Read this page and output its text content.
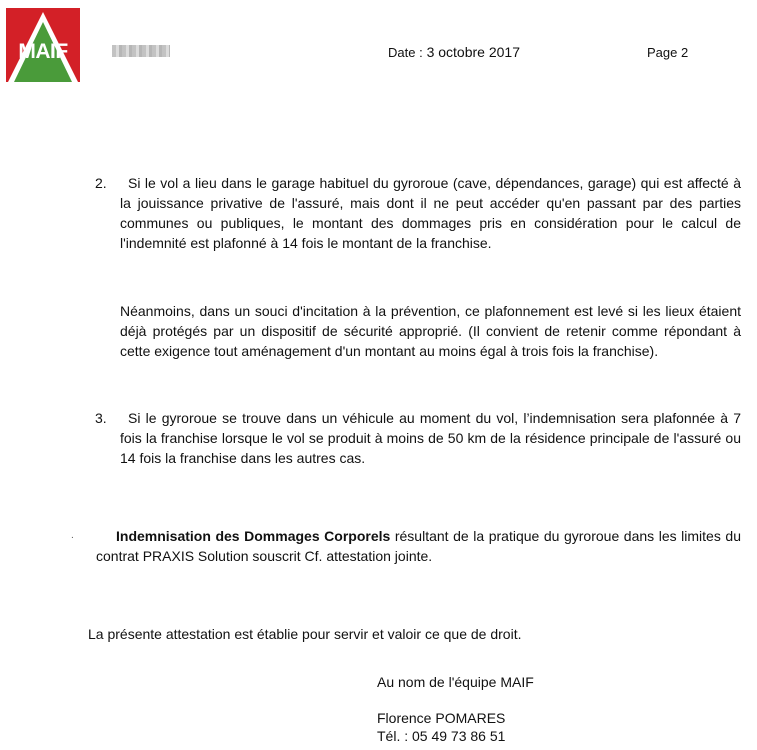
MAIF	Date : 3 octobre 2017	Page 2
2.	Si le vol a lieu dans le garage habituel du gyroroue (cave, dépendances, garage) qui est affecté à la jouissance privative de l'assuré, mais dont il ne peut accéder qu'en passant par des parties communes ou publiques, le montant des dommages pris en considération pour le calcul de l'indemnité est plafonné à 14 fois le montant de la franchise.
Néanmoins, dans un souci d'incitation à la prévention, ce plafonnement est levé si les lieux étaient déjà protégés par un dispositif de sécurité approprié. (Il convient de retenir comme répondant à cette exigence tout aménagement d'un montant au moins égal à trois fois la franchise).
3.	Si le gyroroue se trouve dans un véhicule au moment du vol, l’indemnisation sera plafonnée à 7 fois la franchise lorsque le vol se produit à moins de 50 km de la résidence principale de l'assuré ou 14 fois la franchise dans les autres cas.
.	Indemnisation des Dommages Corporels résultant de la pratique du gyroroue dans les limites du contrat PRAXIS Solution souscrit Cf. attestation jointe.
La présente attestation est établie pour servir et valoir ce que de droit.
Au nom de l'équipe MAIF
Florence POMARES
Tél. : 05 49 73 86 51
